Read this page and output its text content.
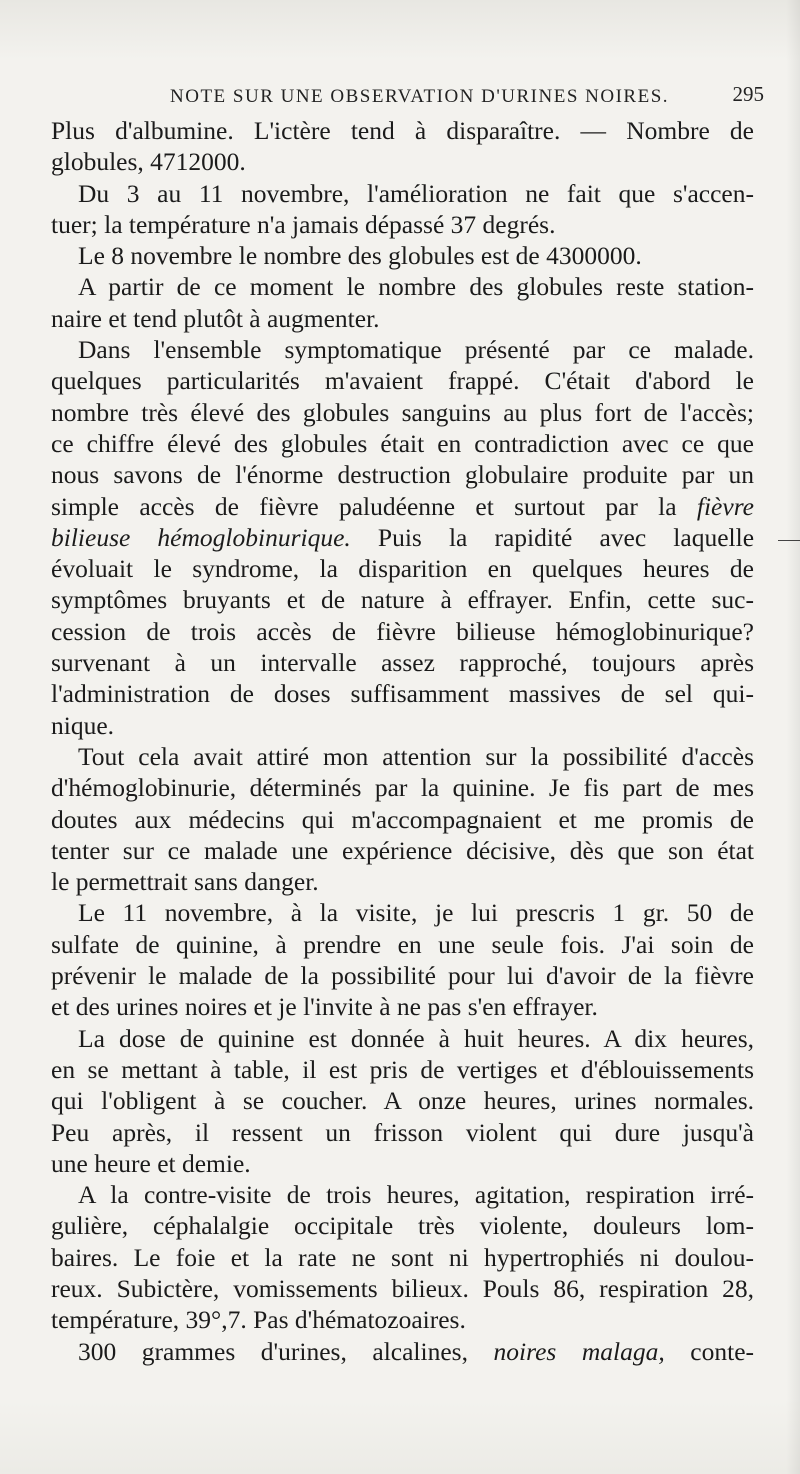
NOTE SUR UNE OBSERVATION D'URINES NOIRES.	295
Plus d'albumine. L'ictère tend à disparaître. — Nombre de
globules, 4712000.
Du 3 au 11 novembre, l'amélioration ne fait que s'accen-
tuer; la température n'a jamais dépassé 37 degrés.
Le 8 novembre le nombre des globules est de 4300000.
A partir de ce moment le nombre des globules reste station-
naire et tend plutôt à augmenter.
Dans l'ensemble symptomatique présenté par ce malade.
quelques particularités m'avaient frappé. C'était d'abord le
nombre très élevé des globules sanguins au plus fort de l'accès;
ce chiffre élevé des globules était en contradiction avec ce que
nous savons de l'énorme destruction globulaire produite par un
simple accès de fièvre paludéenne et surtout par la fièvre
bilieuse hémoglobinurique. Puis la rapidité avec laquelle
évoluait le syndrome, la disparition en quelques heures de
symptômes bruyants et de nature à effrayer. Enfin, cette suc-
cession de trois accès de fièvre bilieuse hémoglobinurique?
survenant à un intervalle assez rapproché, toujours après
l'administration de doses suffisamment massives de sel qui-
nique.
Tout cela avait attiré mon attention sur la possibilité d'accès
d'hémoglobinurie, déterminés par la quinine. Je fis part de mes
doutes aux médecins qui m'accompagnaient et me promis de
tenter sur ce malade une expérience décisive, dès que son état
le permettrait sans danger.
Le 11 novembre, à la visite, je lui prescris 1 gr. 50 de
sulfate de quinine, à prendre en une seule fois. J'ai soin de
prévenir le malade de la possibilité pour lui d'avoir de la fièvre
et des urines noires et je l'invite à ne pas s'en effrayer.
La dose de quinine est donnée à huit heures. A dix heures,
en se mettant à table, il est pris de vertiges et d'éblouissements
qui l'obligent à se coucher. A onze heures, urines normales.
Peu après, il ressent un frisson violent qui dure jusqu'à
une heure et demie.
A la contre-visite de trois heures, agitation, respiration irré-
gulière, céphalalgie occipitale très violente, douleurs lom-
baires. Le foie et la rate ne sont ni hypertrophiés ni doulou-
reux. Subictère, vomissements bilieux. Pouls 86, respiration 28,
température, 39°,7. Pas d'hématozoaires.
300 grammes d'urines, alcalines, noires malaga, conte-
